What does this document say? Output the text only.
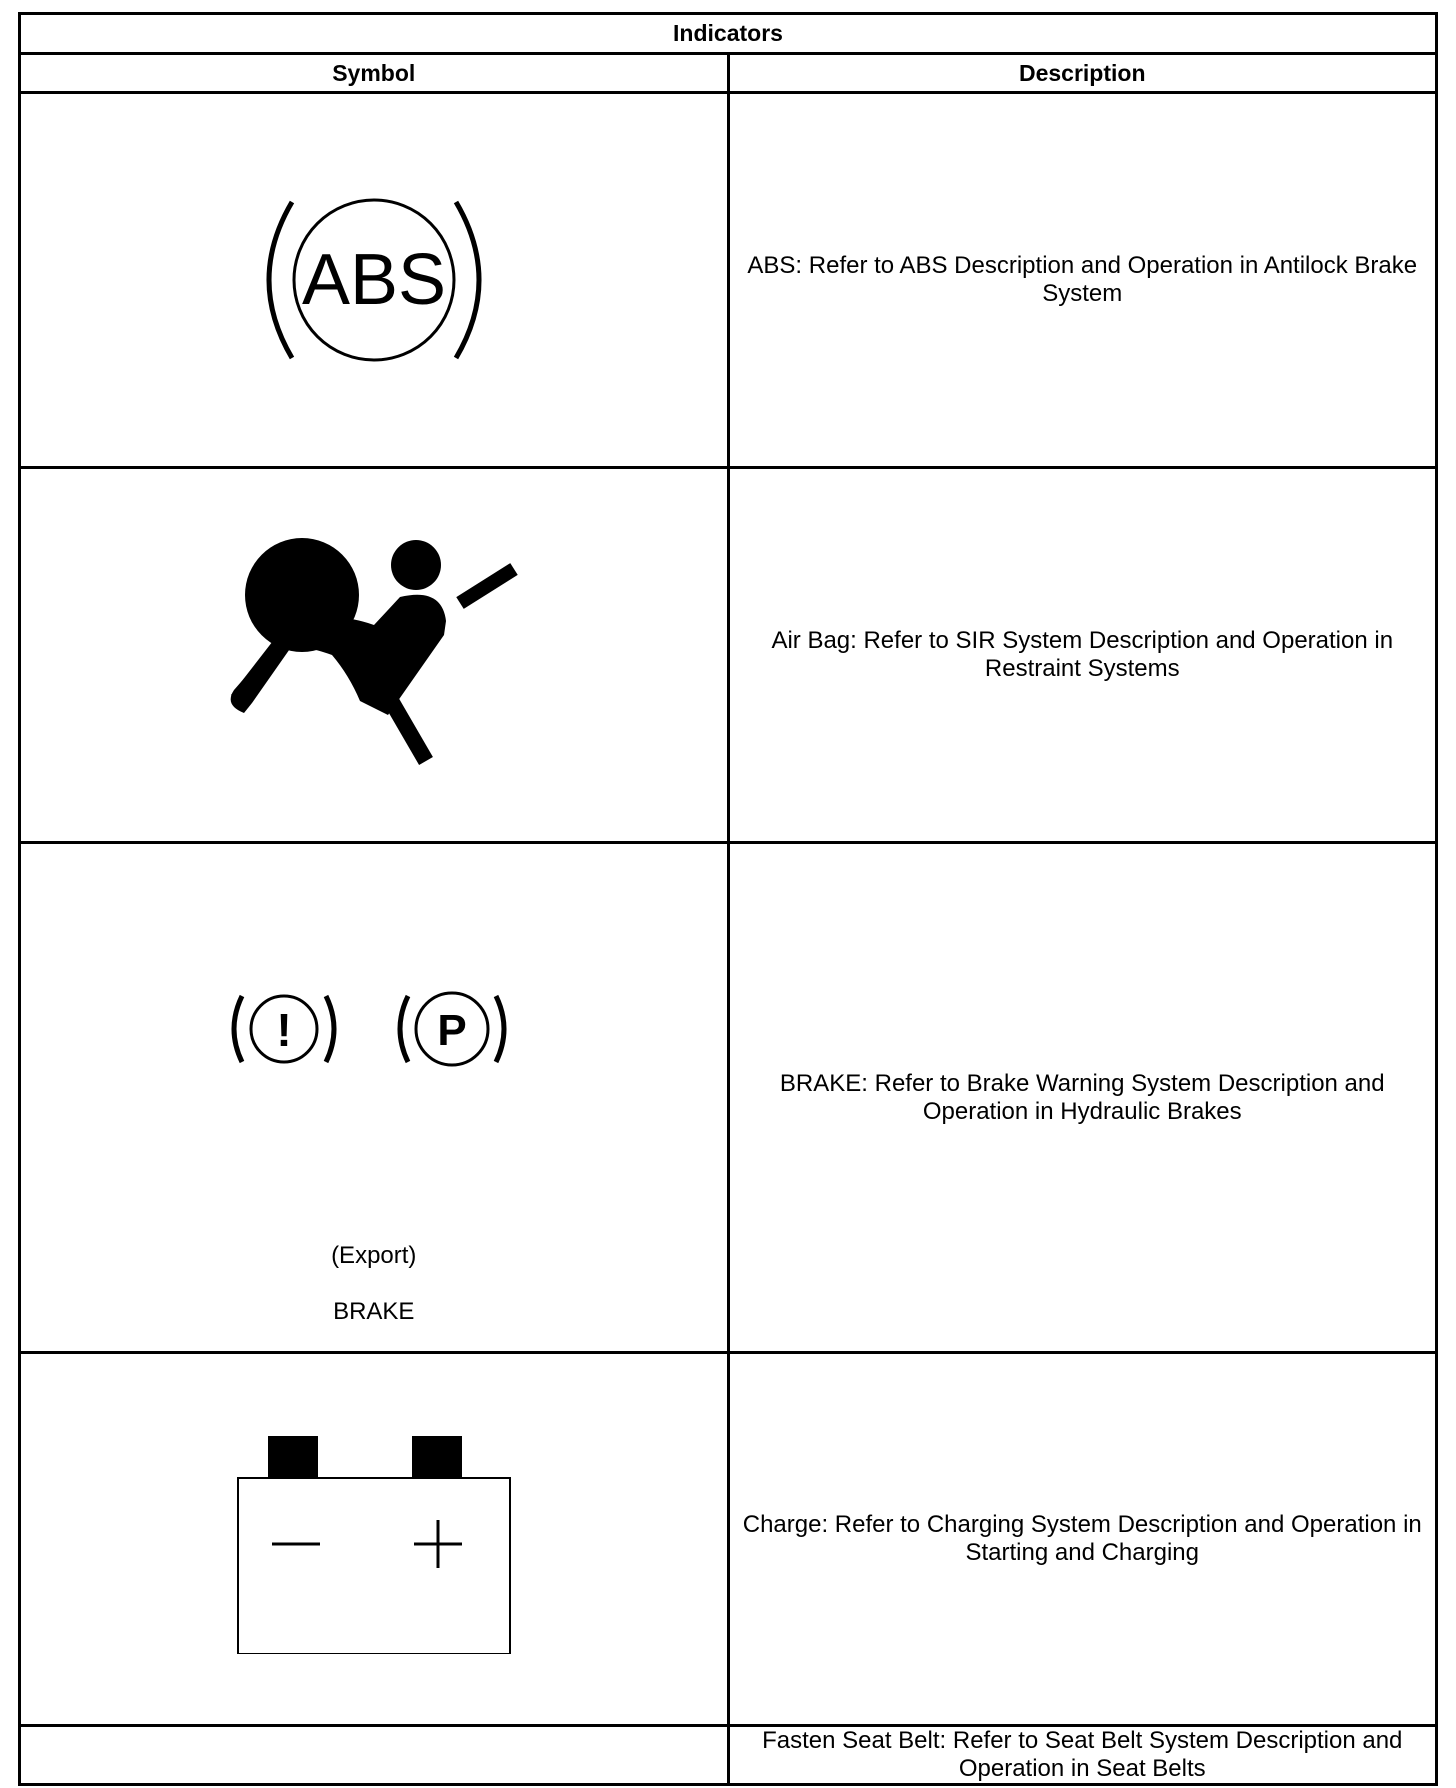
Indicators	
Symbol	Description

ABS	ABS: Refer to ABS Description and Operation in Antilock Brake System

	Air Bag: Refer to SIR System Description and Operation in Restraint Systems

! P
(Export)
BRAKE	BRAKE: Refer to Brake Warning System Description and Operation in Hydraulic Brakes

	Charge: Refer to Charging System Description and Operation in Starting and Charging
	Fasten Seat Belt: Refer to Seat Belt System Description and Operation in Seat Belts
